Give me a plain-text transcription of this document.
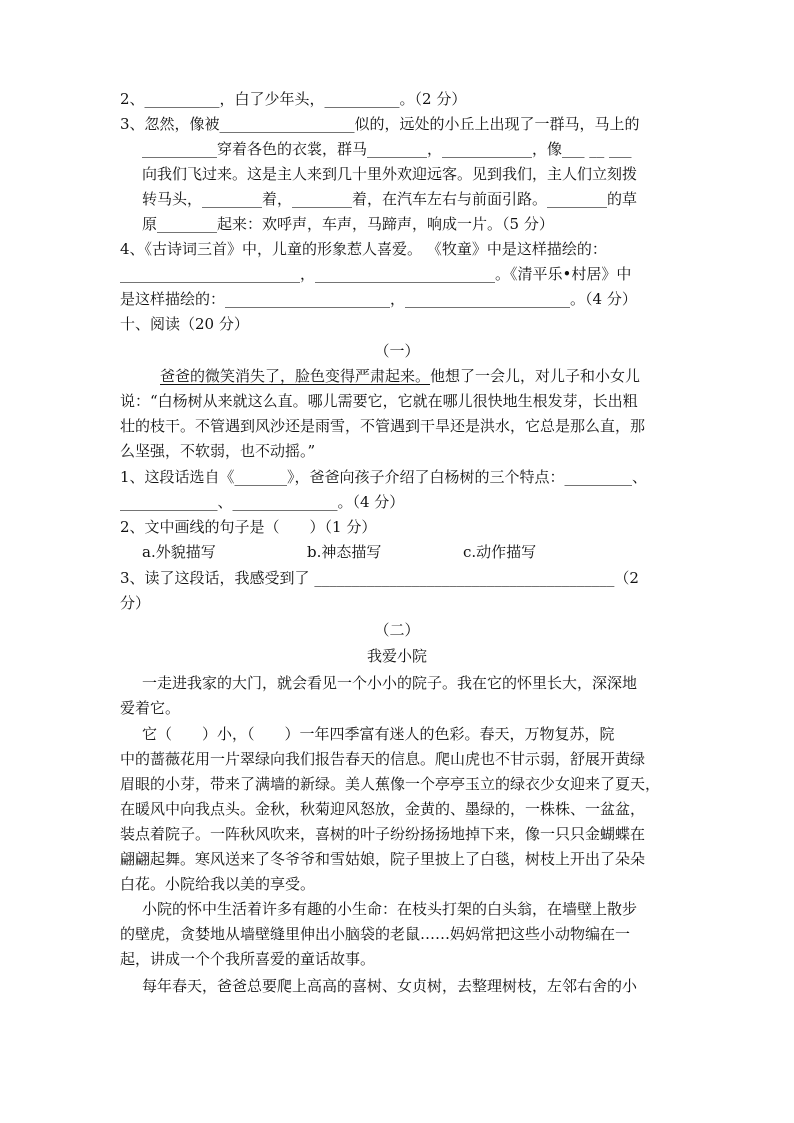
2、__________，白了少年头，__________。（2 分）
3、忽然，像被__________________似的，远处的小丘上出现了一群马，马上的
__________穿着各色的衣裳，群马________，____________，像___ __ ___
向我们飞过来。这是主人来到几十里外欢迎远客。见到我们，主人们立刻拨
转马头，________着，________着，在汽车左右与前面引路。________的草
原________起来：欢呼声，车声，马蹄声，响成一片。（5 分）
4、《古诗词三首》中，儿童的形象惹人喜爱。 《牧童》中是这样描绘的：
________________________，________________________。《清平乐•村居》中
是这样描绘的：______________________，______________________。（4 分）
十、阅读（20 分）
（一）
爸爸的微笑消失了，脸色变得严肃起来。他想了一会儿，对儿子和小女儿
说：“白杨树从来就这么直。哪儿需要它，它就在哪儿很快地生根发芽，长出粗
壮的枝干。不管遇到风沙还是雨雪，不管遇到干旱还是洪水，它总是那么直，那
么坚强，不软弱，也不动摇。”
1、这段话选自《_______》，爸爸向孩子介绍了白杨树的三个特点：_________、
_____________、______________。（4 分）
2、文中画线的句子是（　　）（1 分）
a.外貌描写	b.神态描写	c.动作描写
3、读了这段话，我感受到了 ________________________________________（2
分）
（二）
我爱小院
一走进我家的大门，就会看见一个小小的院子。我在它的怀里长大，深深地
爱着它。
它（　　）小，（　　）一年四季富有迷人的色彩。春天，万物复苏，院
中的蔷薇花用一片翠绿向我们报告春天的信息。爬山虎也不甘示弱，舒展开黄绿
眉眼的小芽，带来了满墙的新绿。美人蕉像一个亭亭玉立的绿衣少女迎来了夏天，
在暖风中向我点头。金秋，秋菊迎风怒放，金黄的、墨绿的，一株株、一盆盆，
装点着院子。一阵秋风吹来，喜树的叶子纷纷扬扬地掉下来，像一只只金蝴蝶在
翩翩起舞。寒风送来了冬爷爷和雪姑娘，院子里披上了白毯，树枝上开出了朵朵
白花。小院给我以美的享受。
小院的怀中生活着许多有趣的小生命：在枝头打架的白头翁，在墙壁上散步
的壁虎，贪婪地从墙壁缝里伸出小脑袋的老鼠……妈妈常把这些小动物编在一
起，讲成一个个我所喜爱的童话故事。
每年春天，爸爸总要爬上高高的喜树、女贞树，去整理树枝，左邻右舍的小
